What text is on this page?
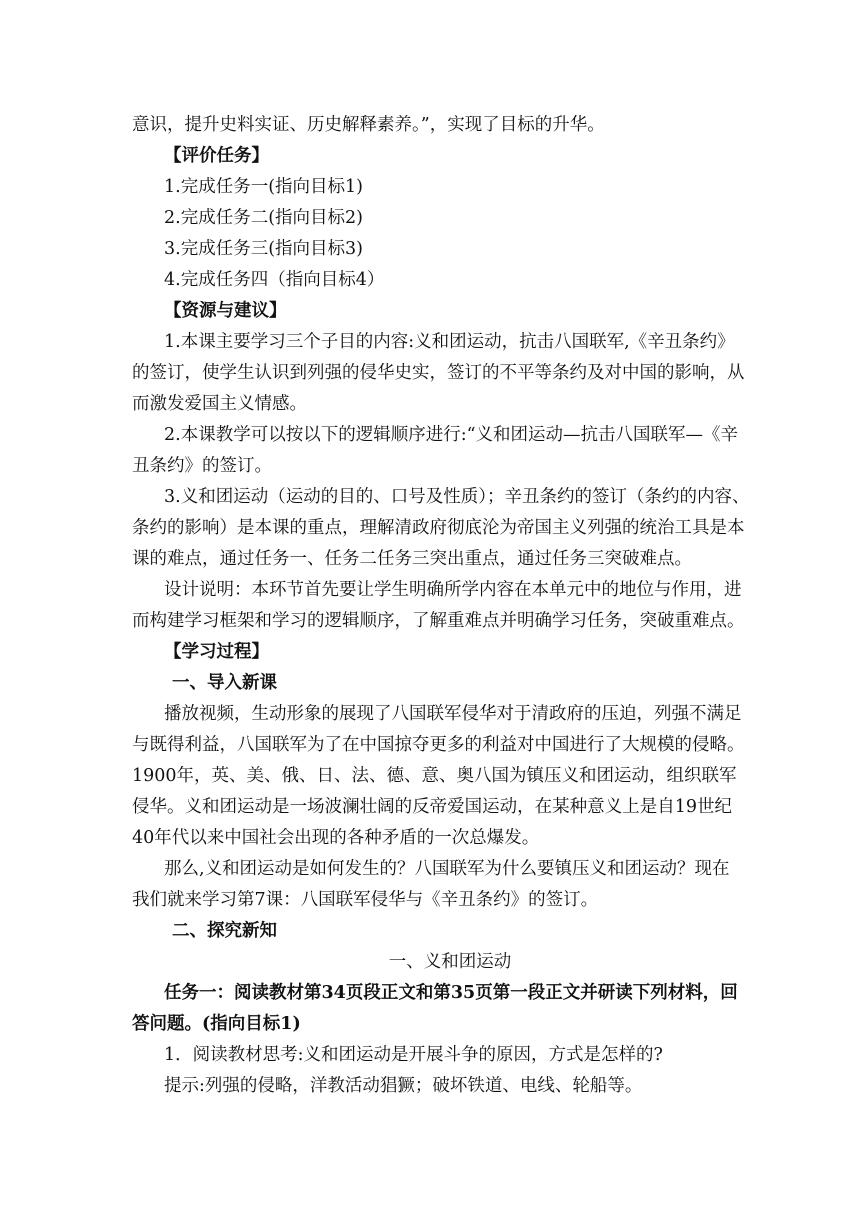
意识，提升史料实证、历史解释素养。”，实现了目标的升华。
【评价任务】
1.完成任务一(指向目标1)
2.完成任务二(指向目标2)
3.完成任务三(指向目标3)
4.完成任务四（指向目标4）
【资源与建议】
1.本课主要学习三个子目的内容:义和团运动，抗击八国联军,《辛丑条约》
的签订，使学生认识到列强的侵华史实，签订的不平等条约及对中国的影响，从
而激发爱国主义情感。
2.本课教学可以按以下的逻辑顺序进行:“义和团运动—抗击八国联军—《辛
丑条约》的签订。
3.义和团运动（运动的目的、口号及性质）；辛丑条约的签订（条约的内容、
条约的影响）是本课的重点，理解清政府彻底沦为帝国主义列强的统治工具是本
课的难点，通过任务一、任务二任务三突出重点，通过任务三突破难点。
设计说明：本环节首先要让学生明确所学内容在本单元中的地位与作用，进
而构建学习框架和学习的逻辑顺序，了解重难点并明确学习任务，突破重难点。
【学习过程】
一、导入新课
播放视频，生动形象的展现了八国联军侵华对于清政府的压迫，列强不满足
与既得利益，八国联军为了在中国掠夺更多的利益对中国进行了大规模的侵略。
1900年，英、美、俄、日、法、德、意、奥八国为镇压义和团运动，组织联军
侵华。义和团运动是一场波澜壮阔的反帝爱国运动，在某种意义上是自19世纪
40年代以来中国社会出现的各种矛盾的一次总爆发。
那么,义和团运动是如何发生的？八国联军为什么要镇压义和团运动？现在
我们就来学习第7课：八国联军侵华与《辛丑条约》的签订。
二、探究新知
一、义和团运动
任务一：阅读教材第34页段正文和第35页第一段正文并研读下列材料，回
答问题。(指向目标1)
1．阅读教材思考:义和团运动是开展斗争的原因，方式是怎样的?
提示:列强的侵略，洋教活动猖獗；破坏铁道、电线、轮船等。
